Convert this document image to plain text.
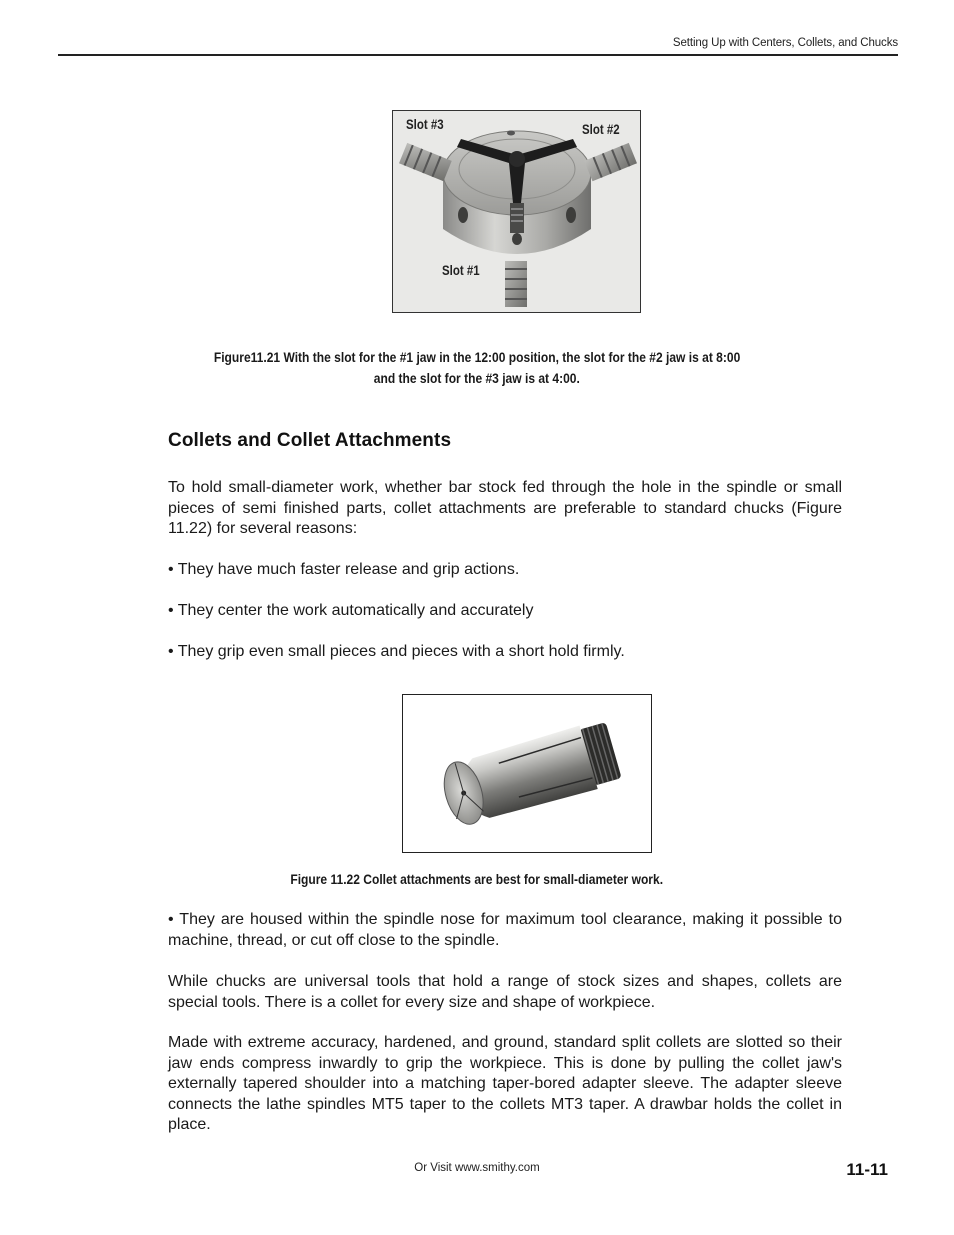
Setting Up with Centers, Collets, and Chucks
Slot #3	Slot #2
Slot #1
Figure11.21 With the slot for the #1 jaw in the 12:00 position, the slot for the #2 jaw is at 8:00
and the slot for the #3 jaw is at 4:00.
Collets and Collet Attachments
To hold small-diameter work, whether bar stock fed through the hole in the spindle or small pieces of semi finished parts, collet attachments are preferable to standard chucks (Figure 11.22) for several reasons:
• They have much faster release and grip actions.
• They center the work automatically and accurately
• They grip even small pieces and pieces with a short hold firmly.
Figure 11.22 Collet attachments are best for small-diameter work.
• They are housed within the spindle nose for maximum tool clearance, making it possible to machine, thread, or cut off close to the spindle.
While chucks are universal tools that hold a range of stock sizes and shapes, collets are special tools. There is a collet for every size and shape of workpiece.
Made with extreme accuracy, hardened, and ground, standard split collets are slotted so their jaw ends compress inwardly to grip the workpiece. This is done by pulling the collet jaw's externally tapered shoulder into a matching taper-bored adapter sleeve. The adapter sleeve connects the lathe spindles MT5 taper to the collets MT3 taper. A drawbar holds the collet in place.
Or Visit www.smithy.com	11-11
